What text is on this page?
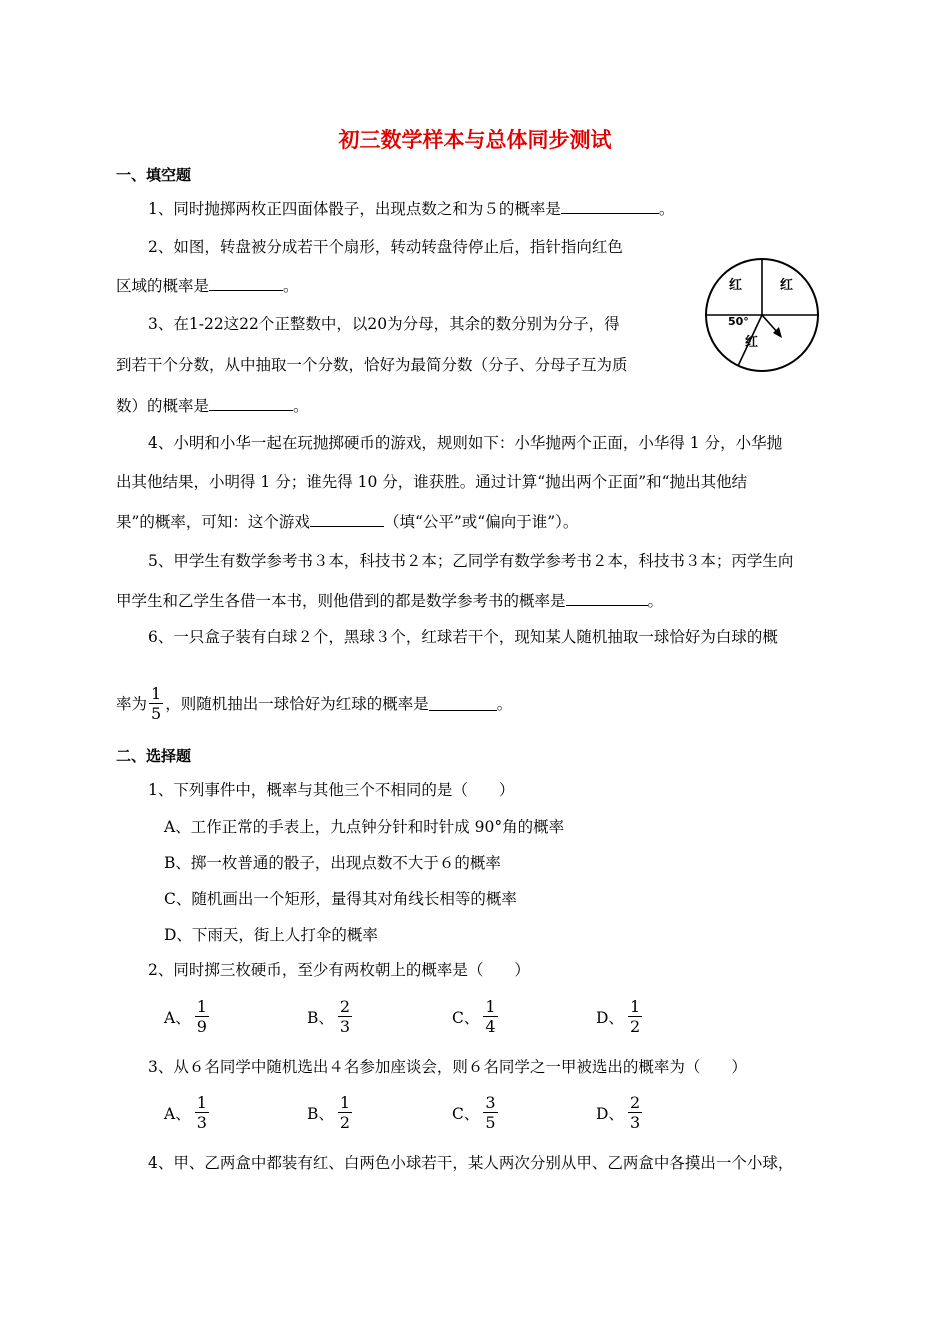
初三数学样本与总体同步测试
一、填空题
1、同时抛掷两枚正四面体骰子，出现点数之和为５的概率是	。
2、如图，转盘被分成若干个扇形，转动转盘待停止后，指针指向红色
区域的概率是	。	红	红
50°
红
3、在1-22这22个正整数中，以20为分母，其余的数分别为分子，得
到若干个分数，从中抽取一个分数，恰好为最简分数（分子、分母子互为质
数）的概率是	。
4、小明和小华一起在玩抛掷硬币的游戏，规则如下：小华抛两个正面，小华得 1 分，小华抛
出其他结果，小明得 1 分；谁先得 10 分，谁获胜。通过计算“抛出两个正面”和“抛出其他结
果”的概率，可知：这个游戏	（填“公平”或“偏向于谁”）。
5、甲学生有数学参考书３本，科技书２本；乙同学有数学参考书２本，科技书３本；丙学生向
甲学生和乙学生各借一本书，则他借到的都是数学参考书的概率是	。
6、一只盒子装有白球２个，黑球３个，红球若干个，现知某人随机抽取一球恰好为白球的概
率为 $\frac{1}{5}$ ，则随机抽出一球恰好为红球的概率是	。
二、选择题
1、下列事件中，概率与其他三个不相同的是（　　）
A、工作正常的手表上，九点钟分针和时针成 90°角的概率
B、掷一枚普通的骰子，出现点数不大于６的概率
C、随机画出一个矩形，量得其对角线长相等的概率
D、下雨天，街上人打伞的概率
2、同时掷三枚硬币，至少有两枚朝上的概率是（　　）
A、 $\frac{1}{9}$	B、 $\frac{2}{3}$	C、 $\frac{1}{4}$	D、 $\frac{1}{2}$
3、从６名同学中随机选出４名参加座谈会，则６名同学之一甲被选出的概率为（　　）
A、 $\frac{1}{3}$	B、 $\frac{1}{2}$	C、 $\frac{3}{5}$	D、 $\frac{2}{3}$
4、甲、乙两盒中都装有红、白两色小球若干，某人两次分别从甲、乙两盒中各摸出一个小球，
